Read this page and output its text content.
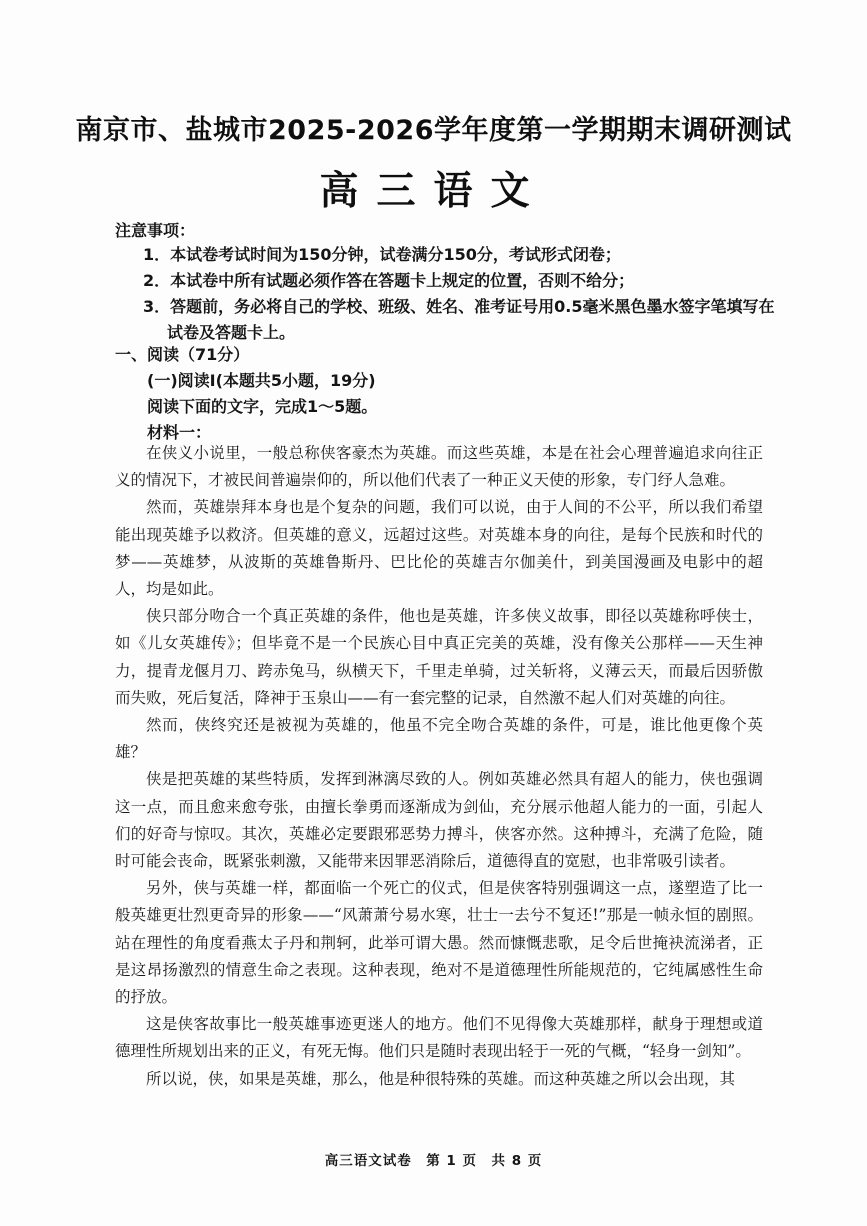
南京市、盐城市2025-2026学年度第一学期期末调研测试
高三语文
注意事项：
1．本试卷考试时间为150分钟，试卷满分150分，考试形式闭卷；
2．本试卷中所有试题必须作答在答题卡上规定的位置，否则不给分；
3．答题前，务必将自己的学校、班级、姓名、准考证号用0.5毫米黑色墨水签字笔填写在试卷及答题卡上。
一、阅读（71分）
(一)阅读I(本题共5小题，19分)
阅读下面的文字，完成1～5题。
材料一：

在侠义小说里，一般总称侠客豪杰为英雄。而这些英雄，本是在社会心理普遍追求向往正义的情况下，才被民间普遍崇仰的，所以他们代表了一种正义天使的形象，专门纾人急难。

然而，英雄崇拜本身也是个复杂的问题，我们可以说，由于人间的不公平，所以我们希望能出现英雄予以救济。但英雄的意义，远超过这些。对英雄本身的向往，是每个民族和时代的梦——英雄梦，从波斯的英雄鲁斯丹、巴比伦的英雄吉尔伽美什，到美国漫画及电影中的超人，均是如此。

侠只部分吻合一个真正英雄的条件，他也是英雄，许多侠义故事，即径以英雄称呼侠士，如《儿女英雄传》；但毕竟不是一个民族心目中真正完美的英雄，没有像关公那样——天生神力，提青龙偃月刀、跨赤兔马，纵横天下，千里走单骑，过关斩将，义薄云天，而最后因骄傲而失败，死后复活，降神于玉泉山——有一套完整的记录，自然激不起人们对英雄的向往。

然而，侠终究还是被视为英雄的，他虽不完全吻合英雄的条件，可是，谁比他更像个英雄？

侠是把英雄的某些特质，发挥到淋漓尽致的人。例如英雄必然具有超人的能力，侠也强调这一点，而且愈来愈夸张，由擅长拳勇而逐渐成为剑仙，充分展示他超人能力的一面，引起人们的好奇与惊叹。其次，英雄必定要跟邪恶势力搏斗，侠客亦然。这种搏斗，充满了危险，随时可能会丧命，既紧张刺激，又能带来因罪恶消除后，道德得直的宽慰，也非常吸引读者。

另外，侠与英雄一样，都面临一个死亡的仪式，但是侠客特别强调这一点，遂塑造了比一般英雄更壮烈更奇异的形象——“风萧萧兮易水寒，壮士一去兮不复还!”那是一帧永恒的剧照。站在理性的角度看燕太子丹和荆轲，此举可谓大愚。然而慷慨悲歌，足令后世掩袂流涕者，正是这昂扬激烈的情意生命之表现。这种表现，绝对不是道德理性所能规范的，它纯属感性生命的抒放。

这是侠客故事比一般英雄事迹更迷人的地方。他们不见得像大英雄那样，献身于理想或道德理性所规划出来的正义，有死无悔。他们只是随时表现出轻于一死的气概，“轻身一剑知”。

所以说，侠，如果是英雄，那么，他是种很特殊的英雄。而这种英雄之所以会出现，其

高三语文试卷　第 1 页　共 8 页
